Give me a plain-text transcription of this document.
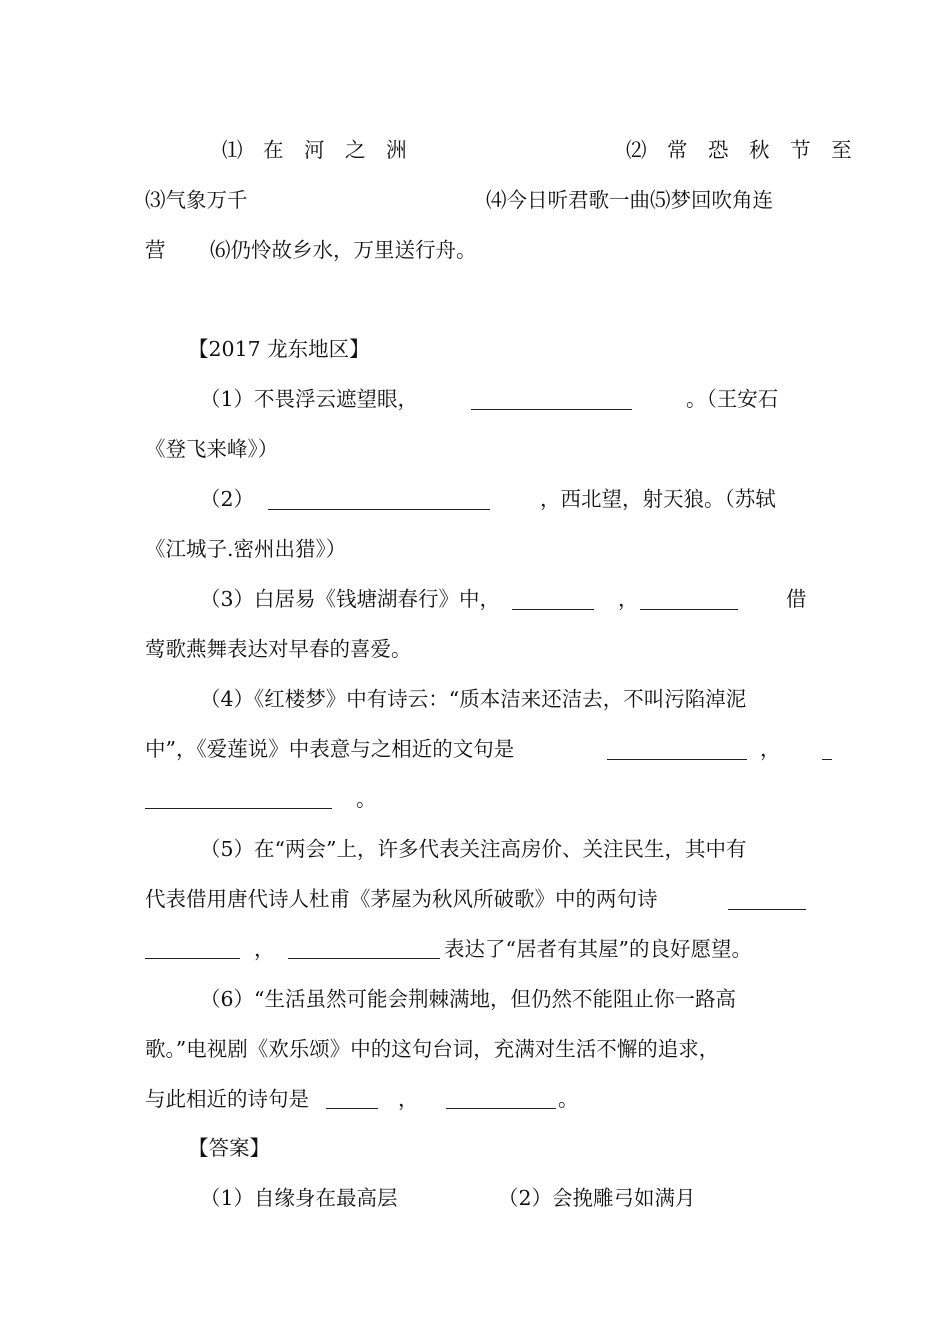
⑴ 在 河 之 洲	⑵ 常 恐 秋 节 至
⑶气象万千	⑷今日听君歌一曲⑸梦回吹角连
营 ⑹仍怜故乡水，万里送行舟。
【2017 龙东地区】
（1）不畏浮云遮望眼，	。（王安石
《登飞来峰》）
（2）	，西北望，射天狼。（苏轼
《江城子.密州出猎》）
（3）白居易《钱塘湖春行》中，	，	借
莺歌燕舞表达对早春的喜爱。
（4）《红楼梦》中有诗云：“质本洁来还洁去，不叫污陷淖泥
中”，《爱莲说》中表意与之相近的文句是	，
。
（5）在“两会”上，许多代表关注高房价、关注民生，其中有
代表借用唐代诗人杜甫《茅屋为秋风所破歌》中的两句诗
，	表达了“居者有其屋”的良好愿望。
（6）“生活虽然可能会荆棘满地，但仍然不能阻止你一路高
歌。”电视剧《欢乐颂》中的这句台词，充满对生活不懈的追求，
与此相近的诗句是	，	。
【答案】
（1）自缘身在最高层	（2）会挽雕弓如满月
